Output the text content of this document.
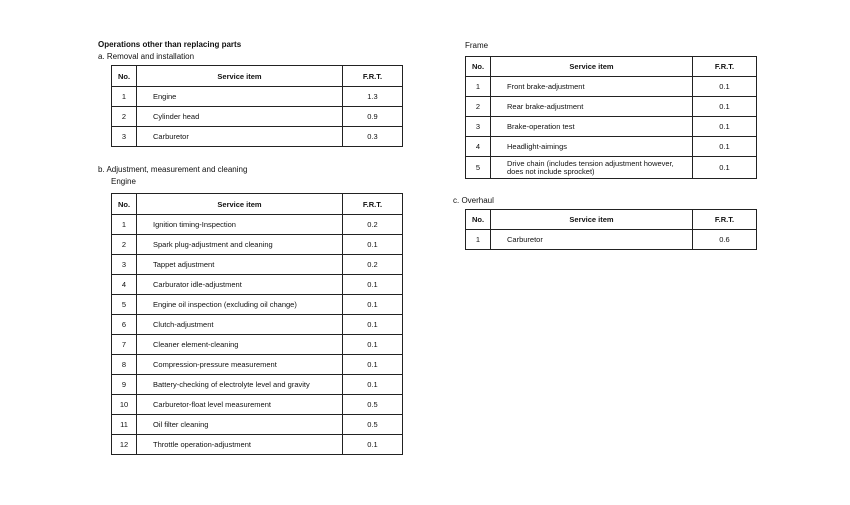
Operations other than replacing parts
a. Removal and installation
No.	Service item	F.R.T.
1	Engine	1.3
2	Cylinder head	0.9
3	Carburetor	0.3
b. Adjustment, measurement and cleaning
Engine
No.	Service item	F.R.T.
1	Ignition timing-Inspection	0.2
2	Spark plug-adjustment and cleaning	0.1
3	Tappet adjustment	0.2
4	Carburator idle-adjustment	0.1
5	Engine oil inspection (excluding oil change)	0.1
6	Clutch-adjustment	0.1
7	Cleaner element-cleaning	0.1
8	Compression-pressure measurement	0.1
9	Battery-checking of electrolyte level and gravity	0.1
10	Carburetor-float level measurement	0.5
11	Oil filter cleaning	0.5
12	Throttle operation-adjustment	0.1
Frame
No.	Service item	F.R.T.
1	Front brake-adjustment	0.1
2	Rear brake-adjustment	0.1
3	Brake-operation test	0.1
4	Headlight-aimings	0.1
5	Drive chain (includes tension adjustment however, does not include sprocket)	0.1
c. Overhaul
No.	Service item	F.R.T.
1	Carburetor	0.6
